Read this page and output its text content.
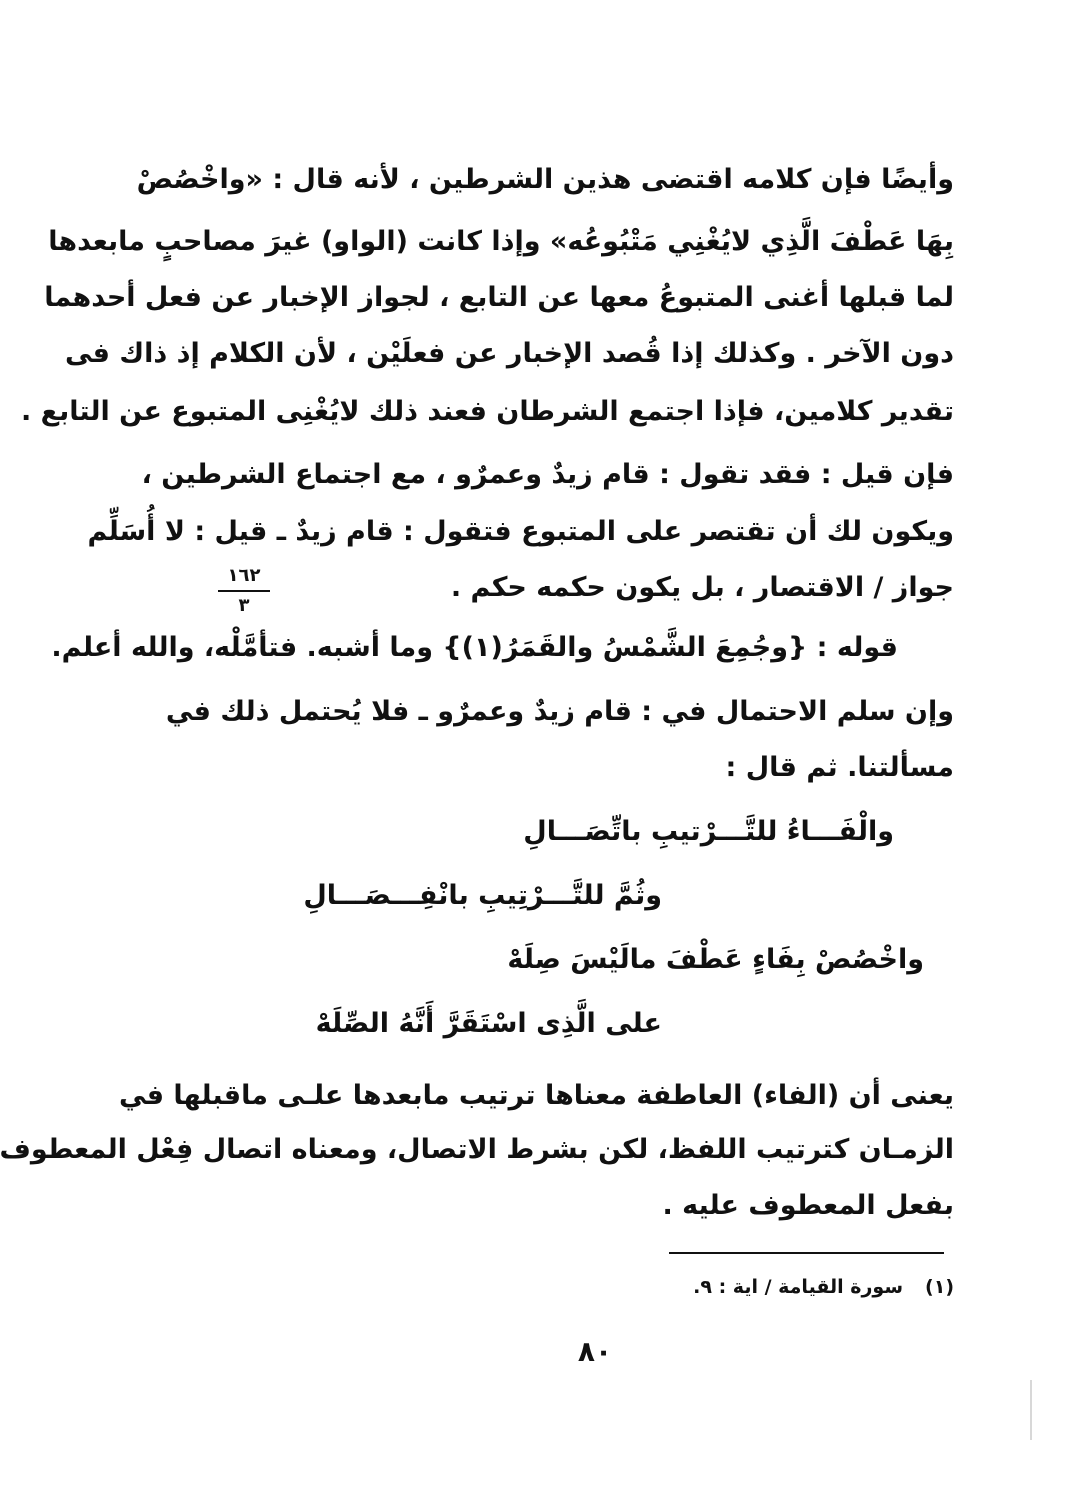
وأيضًا فإن كلامه اقتضى هذين الشرطين ، لأنه قال : «واخْصُصْ
بِهَا عَطْفَ الَّذِي لايُغْنِي مَتْبُوعُه» وإذا كانت (الواو) غيرَ مصاحبٍ مابعدها
لما قبلها أغنى المتبوعُ معها عن التابع ، لجواز الإخبار عن فعل أحدهما
دون الآخر . وكذلك إذا قُصد الإخبار عن فعلَيْن ، لأن الكلام إذ ذاك فى
تقدير كلامين، فإذا اجتمع الشرطان فعند ذلك لايُغْنِى المتبوع عن التابع .
فإن قيل : فقد تقول : قام زيدٌ وعمرٌو ، مع اجتماع الشرطين ،
ويكون لك أن تقتصر على المتبوع فتقول : قام زيدٌ ـ قيل : لا أُسَلِّم
جواز / الاقتصار ، بل يكون حكمه حكم .
قوله : {وجُمِعَ الشَّمْسُ والقَمَرُ(١)} وما أشبه. فتأمَّلْه، والله أعلم.
وإن سلم الاحتمال في : قام زيدٌ وعمرٌو ـ فلا يُحتمل ذلك في
مسألتنا. ثم قال :
١٦٢
٣
والْفَـــاءُ للتَّـــرْتيبِ باتِّصَـــالِ
وثُمَّ للتَّـــرْتِيبِ بانْفِـــصَـــالِ
واخْصُصْ بِفَاءٍ عَطْفَ مالَيْسَ صِلَهْ
على الَّذِى اسْتَقَرَّ أَنَّهُ الصِّلَهْ
يعنى أن (الفاء) العاطفة معناها ترتيب مابعدها علـى ماقبلها في
الزمـان كترتيب اللفظ، لكن بشرط الاتصال، ومعناه اتصال فِعْل المعطوف
بفعل المعطوف عليه .
(١)سورة القيامة / اية : ٩.
٨٠
